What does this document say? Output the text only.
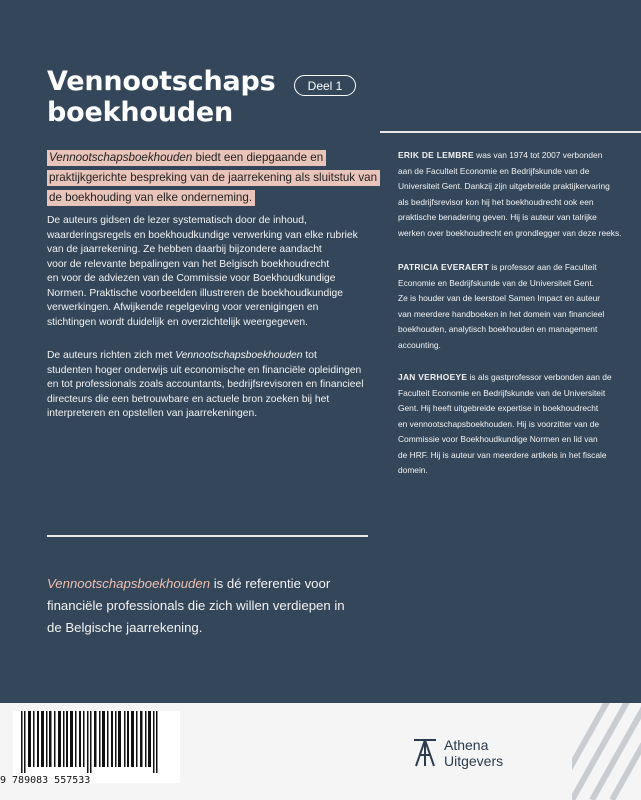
Vennootschaps
boekhouden
Deel 1
Vennootschapsboekhouden biedt een diepgaande en
praktijkgerichte bespreking van de jaarrekening als sluitstuk van
de boekhouding van elke onderneming.
De auteurs gidsen de lezer systematisch door de inhoud,
waarderingsregels en boekhoudkundige verwerking van elke rubriek
van de jaarrekening. Ze hebben daarbij bijzondere aandacht
voor de relevante bepalingen van het Belgisch boekhoudrecht
en voor de adviezen van de Commissie voor Boekhoudkundige
Normen. Praktische voorbeelden illustreren de boekhoudkundige
verwerkingen. Afwijkende regelgeving voor verenigingen en
stichtingen wordt duidelijk en overzichtelijk weergegeven.
De auteurs richten zich met Vennootschapsboekhouden tot
studenten hoger onderwijs uit economische en financiële opleidingen
en tot professionals zoals accountants, bedrijfsrevisoren en financieel
directeurs die een betrouwbare en actuele bron zoeken bij het
interpreteren en opstellen van jaarrekeningen.
Vennootschapsboekhouden is dé referentie voor
financiële professionals die zich willen verdiepen in
de Belgische jaarrekening.
ERIK DE LEMBRE was van 1974 tot 2007 verbonden
aan de Faculteit Economie en Bedrijfskunde van de
Universiteit Gent. Dankzij zijn uitgebreide praktijkervaring
als bedrijfsrevisor kon hij het boekhoudrecht ook een
praktische benadering geven. Hij is auteur van talrijke
werken over boekhoudrecht en grondlegger van deze reeks.
PATRICIA EVERAERT is professor aan de Faculteit
Economie en Bedrijfskunde van de Universiteit Gent.
Ze is houder van de leerstoel Samen Impact en auteur
van meerdere handboeken in het domein van financieel
boekhouden, analytisch boekhouden en management
accounting.
JAN VERHOEYE is als gastprofessor verbonden aan de
Faculteit Economie en Bedrijfskunde van de Universiteit
Gent. Hij heeft uitgebreide expertise in boekhoudrecht
en vennootschapsboekhouden. Hij is voorzitter van de
Commissie voor Boekhoudkundige Normen en lid van
de HRF. Hij is auteur van meerdere artikels in het fiscale
domein.
9 789083 557533
Athena
Uitgevers
